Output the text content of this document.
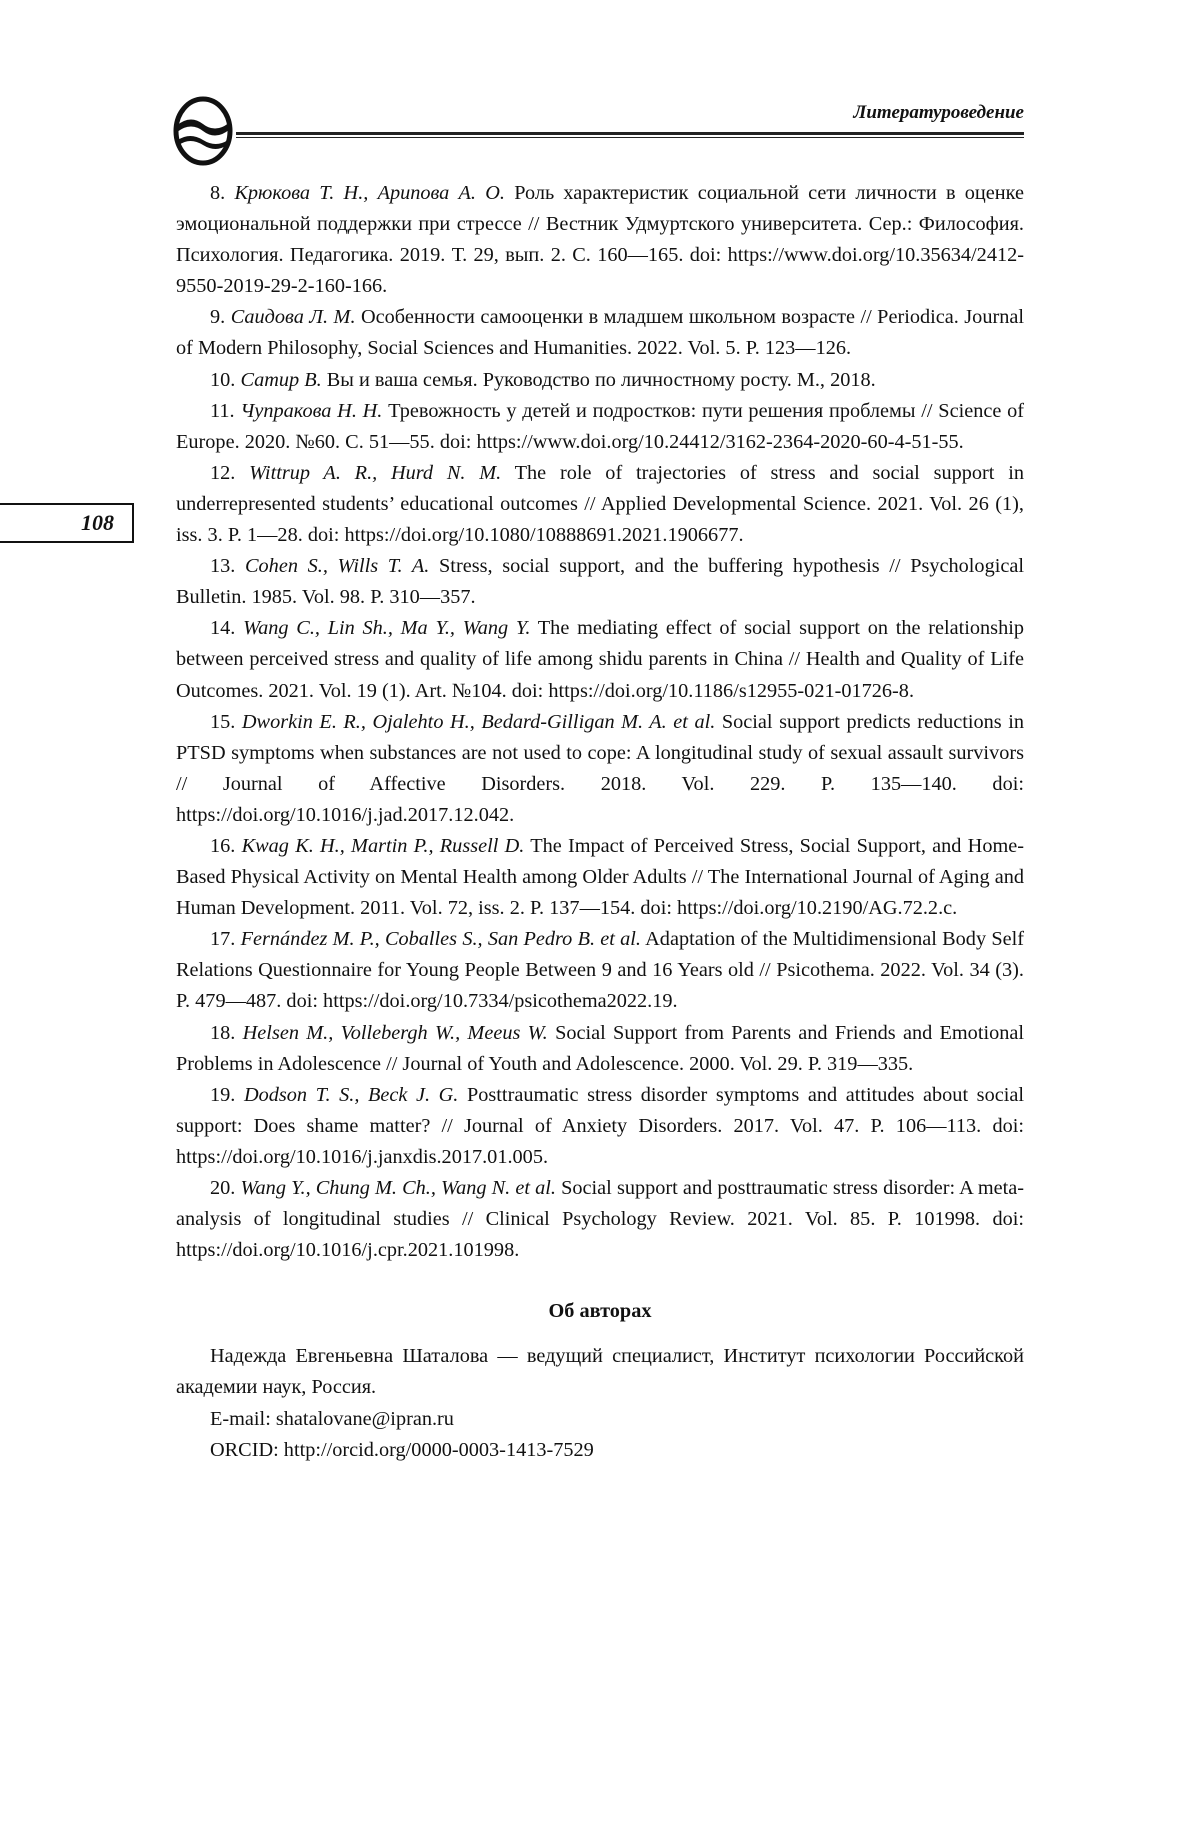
Литературоведение
108

8. Крюкова Т. Н., Арипова А. О. Роль характеристик социальной сети личности в оценке эмоциональной поддержки при стрессе // Вестник Удмуртского университета. Сер.: Философия. Психология. Педагогика. 2019. Т. 29, вып. 2. С. 160—165. doi: https://www.doi.org/10.35634/2412-9550-2019-29-2-160-166.

9. Саидова Л. М. Особенности самооценки в младшем школьном возрасте // Periodica. Journal of Modern Philosophy, Social Sciences and Humanities. 2022. Vol. 5. P. 123—126.

10. Сатир В. Вы и ваша семья. Руководство по личностному росту. М., 2018.

11. Чупракова Н. Н. Тревожность у детей и подростков: пути решения проблемы // Science of Europe. 2020. №60. С. 51—55. doi: https://www.doi.org/10.24412/3162-2364-2020-60-4-51-55.

12. Wittrup A. R., Hurd N. M. The role of trajectories of stress and social support in underrepresented students’ educational outcomes // Applied Developmental Science. 2021. Vol. 26 (1), iss. 3. P. 1—28. doi: https://doi.org/10.1080/10888691.2021.1906677.

13. Cohen S., Wills T. A. Stress, social support, and the buffering hypothesis // Psychological Bulletin. 1985. Vol. 98. P. 310—357.

14. Wang C., Lin Sh., Ma Y., Wang Y. The mediating effect of social support on the relationship between perceived stress and quality of life among shidu parents in China // Health and Quality of Life Outcomes. 2021. Vol. 19 (1). Art. №104. doi: https://doi.org/10.1186/s12955-021-01726-8.

15. Dworkin E. R., Ojalehto H., Bedard-Gilligan M. A. et al. Social support predicts reductions in PTSD symptoms when substances are not used to cope: A longitudinal study of sexual assault survivors // Journal of Affective Disorders. 2018. Vol. 229. P. 135—140. doi: https://doi.org/10.1016/j.jad.2017.12.042.

16. Kwag K. H., Martin P., Russell D. The Impact of Perceived Stress, Social Support, and Home-Based Physical Activity on Mental Health among Older Adults // The International Journal of Aging and Human Development. 2011. Vol. 72, iss. 2. P. 137—154. doi: https://doi.org/10.2190/AG.72.2.c.

17. Fernández M. P., Coballes S., San Pedro B. et al. Adaptation of the Multidimensional Body Self Relations Questionnaire for Young People Between 9 and 16 Years old // Psicothema. 2022. Vol. 34 (3). P. 479—487. doi: https://doi.org/10.7334/psicothema2022.19.

18. Helsen M., Vollebergh W., Meeus W. Social Support from Parents and Friends and Emotional Problems in Adolescence // Journal of Youth and Adolescence. 2000. Vol. 29. P. 319—335.

19. Dodson T. S., Beck J. G. Posttraumatic stress disorder symptoms and attitudes about social support: Does shame matter? // Journal of Anxiety Disorders. 2017. Vol. 47. P. 106—113. doi: https://doi.org/10.1016/j.janxdis.2017.01.005.

20. Wang Y., Chung M. Ch., Wang N. et al. Social support and posttraumatic stress disorder: A meta-analysis of longitudinal studies // Clinical Psychology Review. 2021. Vol. 85. P. 101998. doi: https://doi.org/10.1016/j.cpr.2021.101998.

Об авторах

Надежда Евгеньевна Шаталова — ведущий специалист, Институт психологии Российской академии наук, Россия.

E-mail: shatalovane@ipran.ru

ORCID: http://orcid.org/0000-0003-1413-7529
